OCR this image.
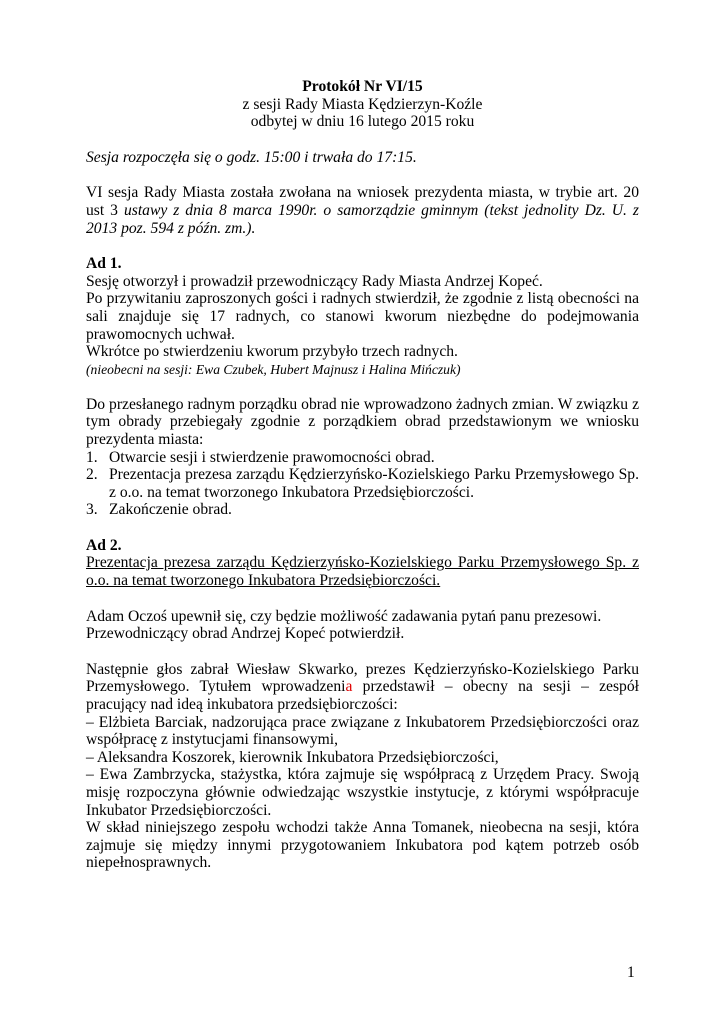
Protokół Nr VI/15

z sesji Rady Miasta Kędzierzyn-Koźle

odbytej w dniu 16 lutego 2015 roku

Sesja rozpoczęła się o godz. 15:00 i trwała do 17:15.

VI sesja Rady Miasta została zwołana na wniosek prezydenta miasta, w trybie art. 20 ust 3 ustawy z dnia 8 marca 1990r. o samorządzie gminnym (tekst jednolity Dz. U. z 2013 poz. 594 z późn. zm.).

Ad 1.

Sesję otworzył i prowadził przewodniczący Rady Miasta Andrzej Kopeć.

Po przywitaniu zaproszonych gości i radnych stwierdził, że zgodnie z listą obecności na sali znajduje się 17 radnych, co stanowi kworum niezbędne do podejmowania prawomocnych uchwał.

Wkrótce po stwierdzeniu kworum przybyło trzech radnych.

(nieobecni na sesji: Ewa Czubek, Hubert Majnusz i Halina Mińczuk)

Do przesłanego radnym porządku obrad nie wprowadzono żadnych zmian. W związku z tym obrady przebiegały zgodnie z porządkiem obrad przedstawionym we wniosku prezydenta miasta:

1. Otwarcie sesji i stwierdzenie prawomocności obrad.
2. Prezentacja prezesa zarządu Kędzierzyńsko-Kozielskiego Parku Przemysłowego Sp. z o.o. na temat tworzonego Inkubatora Przedsiębiorczości.
3. Zakończenie obrad.

Ad 2.

Prezentacja prezesa zarządu Kędzierzyńsko-Kozielskiego Parku Przemysłowego Sp. z o.o. na temat tworzonego Inkubatora Przedsiębiorczości.

Adam Oczoś upewnił się, czy będzie możliwość zadawania pytań panu prezesowi.

Przewodniczący obrad Andrzej Kopeć potwierdził.

Następnie głos zabrał Wiesław Skwarko, prezes Kędzierzyńsko-Kozielskiego Parku Przemysłowego. Tytułem wprowadzenia przedstawił – obecny na sesji – zespół pracujący nad ideą inkubatora przedsiębiorczości:

– Elżbieta Barciak, nadzorująca prace związane z Inkubatorem Przedsiębiorczości oraz współpracę z instytucjami finansowymi,

– Aleksandra Koszorek, kierownik Inkubatora Przedsiębiorczości,

– Ewa Zambrzycka, stażystka, która zajmuje się współpracą z Urzędem Pracy. Swoją misję rozpoczyna głównie odwiedzając wszystkie instytucje, z którymi współpracuje Inkubator Przedsiębiorczości.

W skład niniejszego zespołu wchodzi także Anna Tomanek, nieobecna na sesji, która zajmuje się między innymi przygotowaniem Inkubatora pod kątem potrzeb osób niepełnosprawnych.

1
